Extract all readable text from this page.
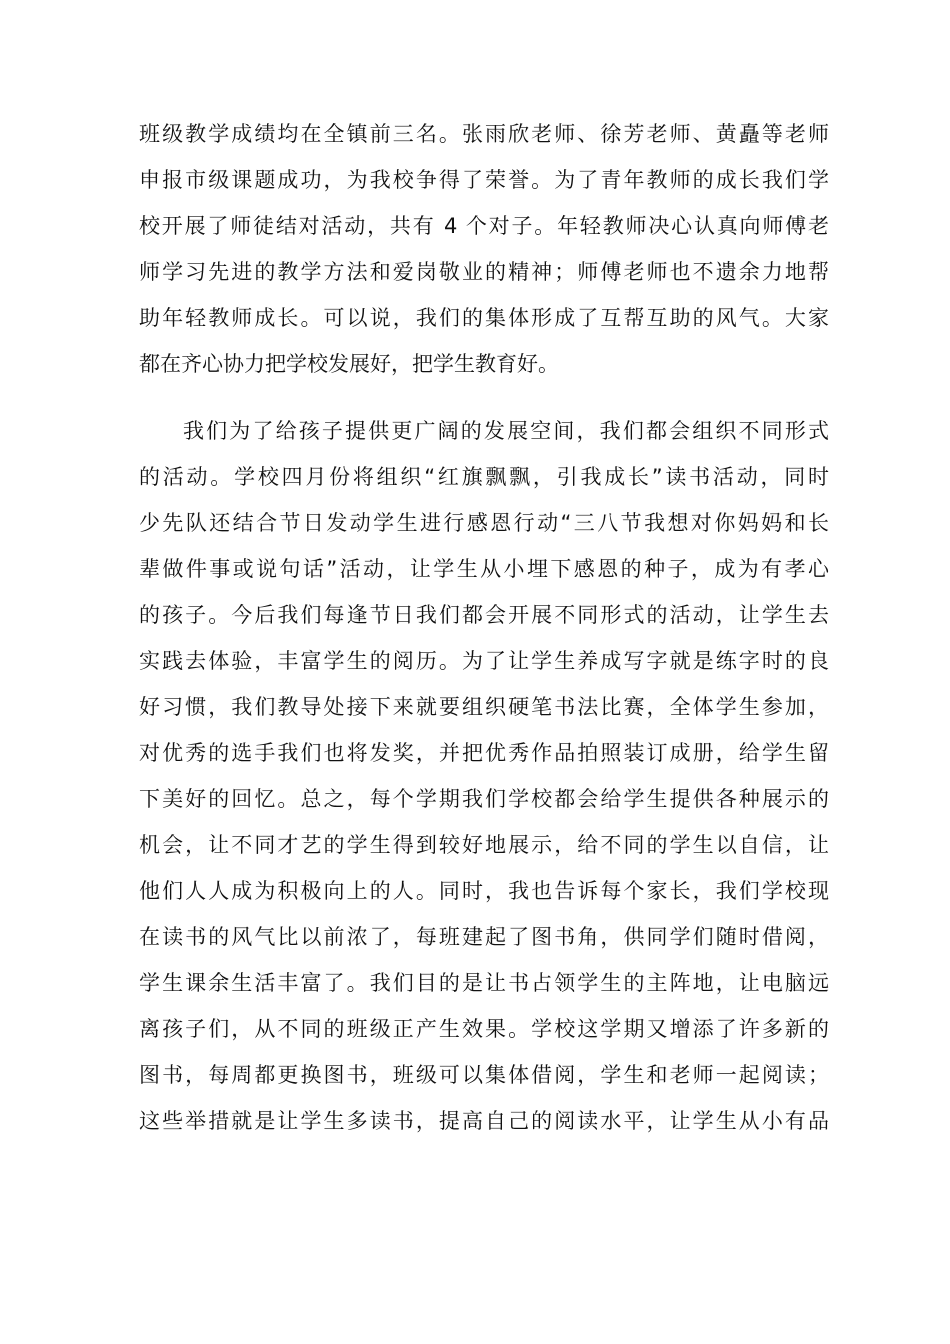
班级教学成绩均在全镇前三名。张雨欣老师、徐芳老师、黄矗等老师
申报市级课题成功，为我校争得了荣誉。为了青年教师的成长我们学
校开展了师徒结对活动，共有 4 个对子。年轻教师决心认真向师傅老
师学习先进的教学方法和爱岗敬业的精神；师傅老师也不遗余力地帮
助年轻教师成长。可以说，我们的集体形成了互帮互助的风气。大家
都在齐心协力把学校发展好，把学生教育好。
我们为了给孩子提供更广阔的发展空间，我们都会组织不同形式
的活动。学校四月份将组织“红旗飘飘，引我成长”读书活动，同时
少先队还结合节日发动学生进行感恩行动“三八节我想对你妈妈和长
辈做件事或说句话”活动，让学生从小埋下感恩的种子，成为有孝心
的孩子。今后我们每逢节日我们都会开展不同形式的活动，让学生去
实践去体验，丰富学生的阅历。为了让学生养成写字就是练字时的良
好习惯，我们教导处接下来就要组织硬笔书法比赛，全体学生参加，
对优秀的选手我们也将发奖，并把优秀作品拍照装订成册，给学生留
下美好的回忆。总之，每个学期我们学校都会给学生提供各种展示的
机会，让不同才艺的学生得到较好地展示，给不同的学生以自信，让
他们人人成为积极向上的人。同时，我也告诉每个家长，我们学校现
在读书的风气比以前浓了，每班建起了图书角，供同学们随时借阅，
学生课余生活丰富了。我们目的是让书占领学生的主阵地，让电脑远
离孩子们，从不同的班级正产生效果。学校这学期又增添了许多新的
图书，每周都更换图书，班级可以集体借阅，学生和老师一起阅读；
这些举措就是让学生多读书，提高自己的阅读水平，让学生从小有品
